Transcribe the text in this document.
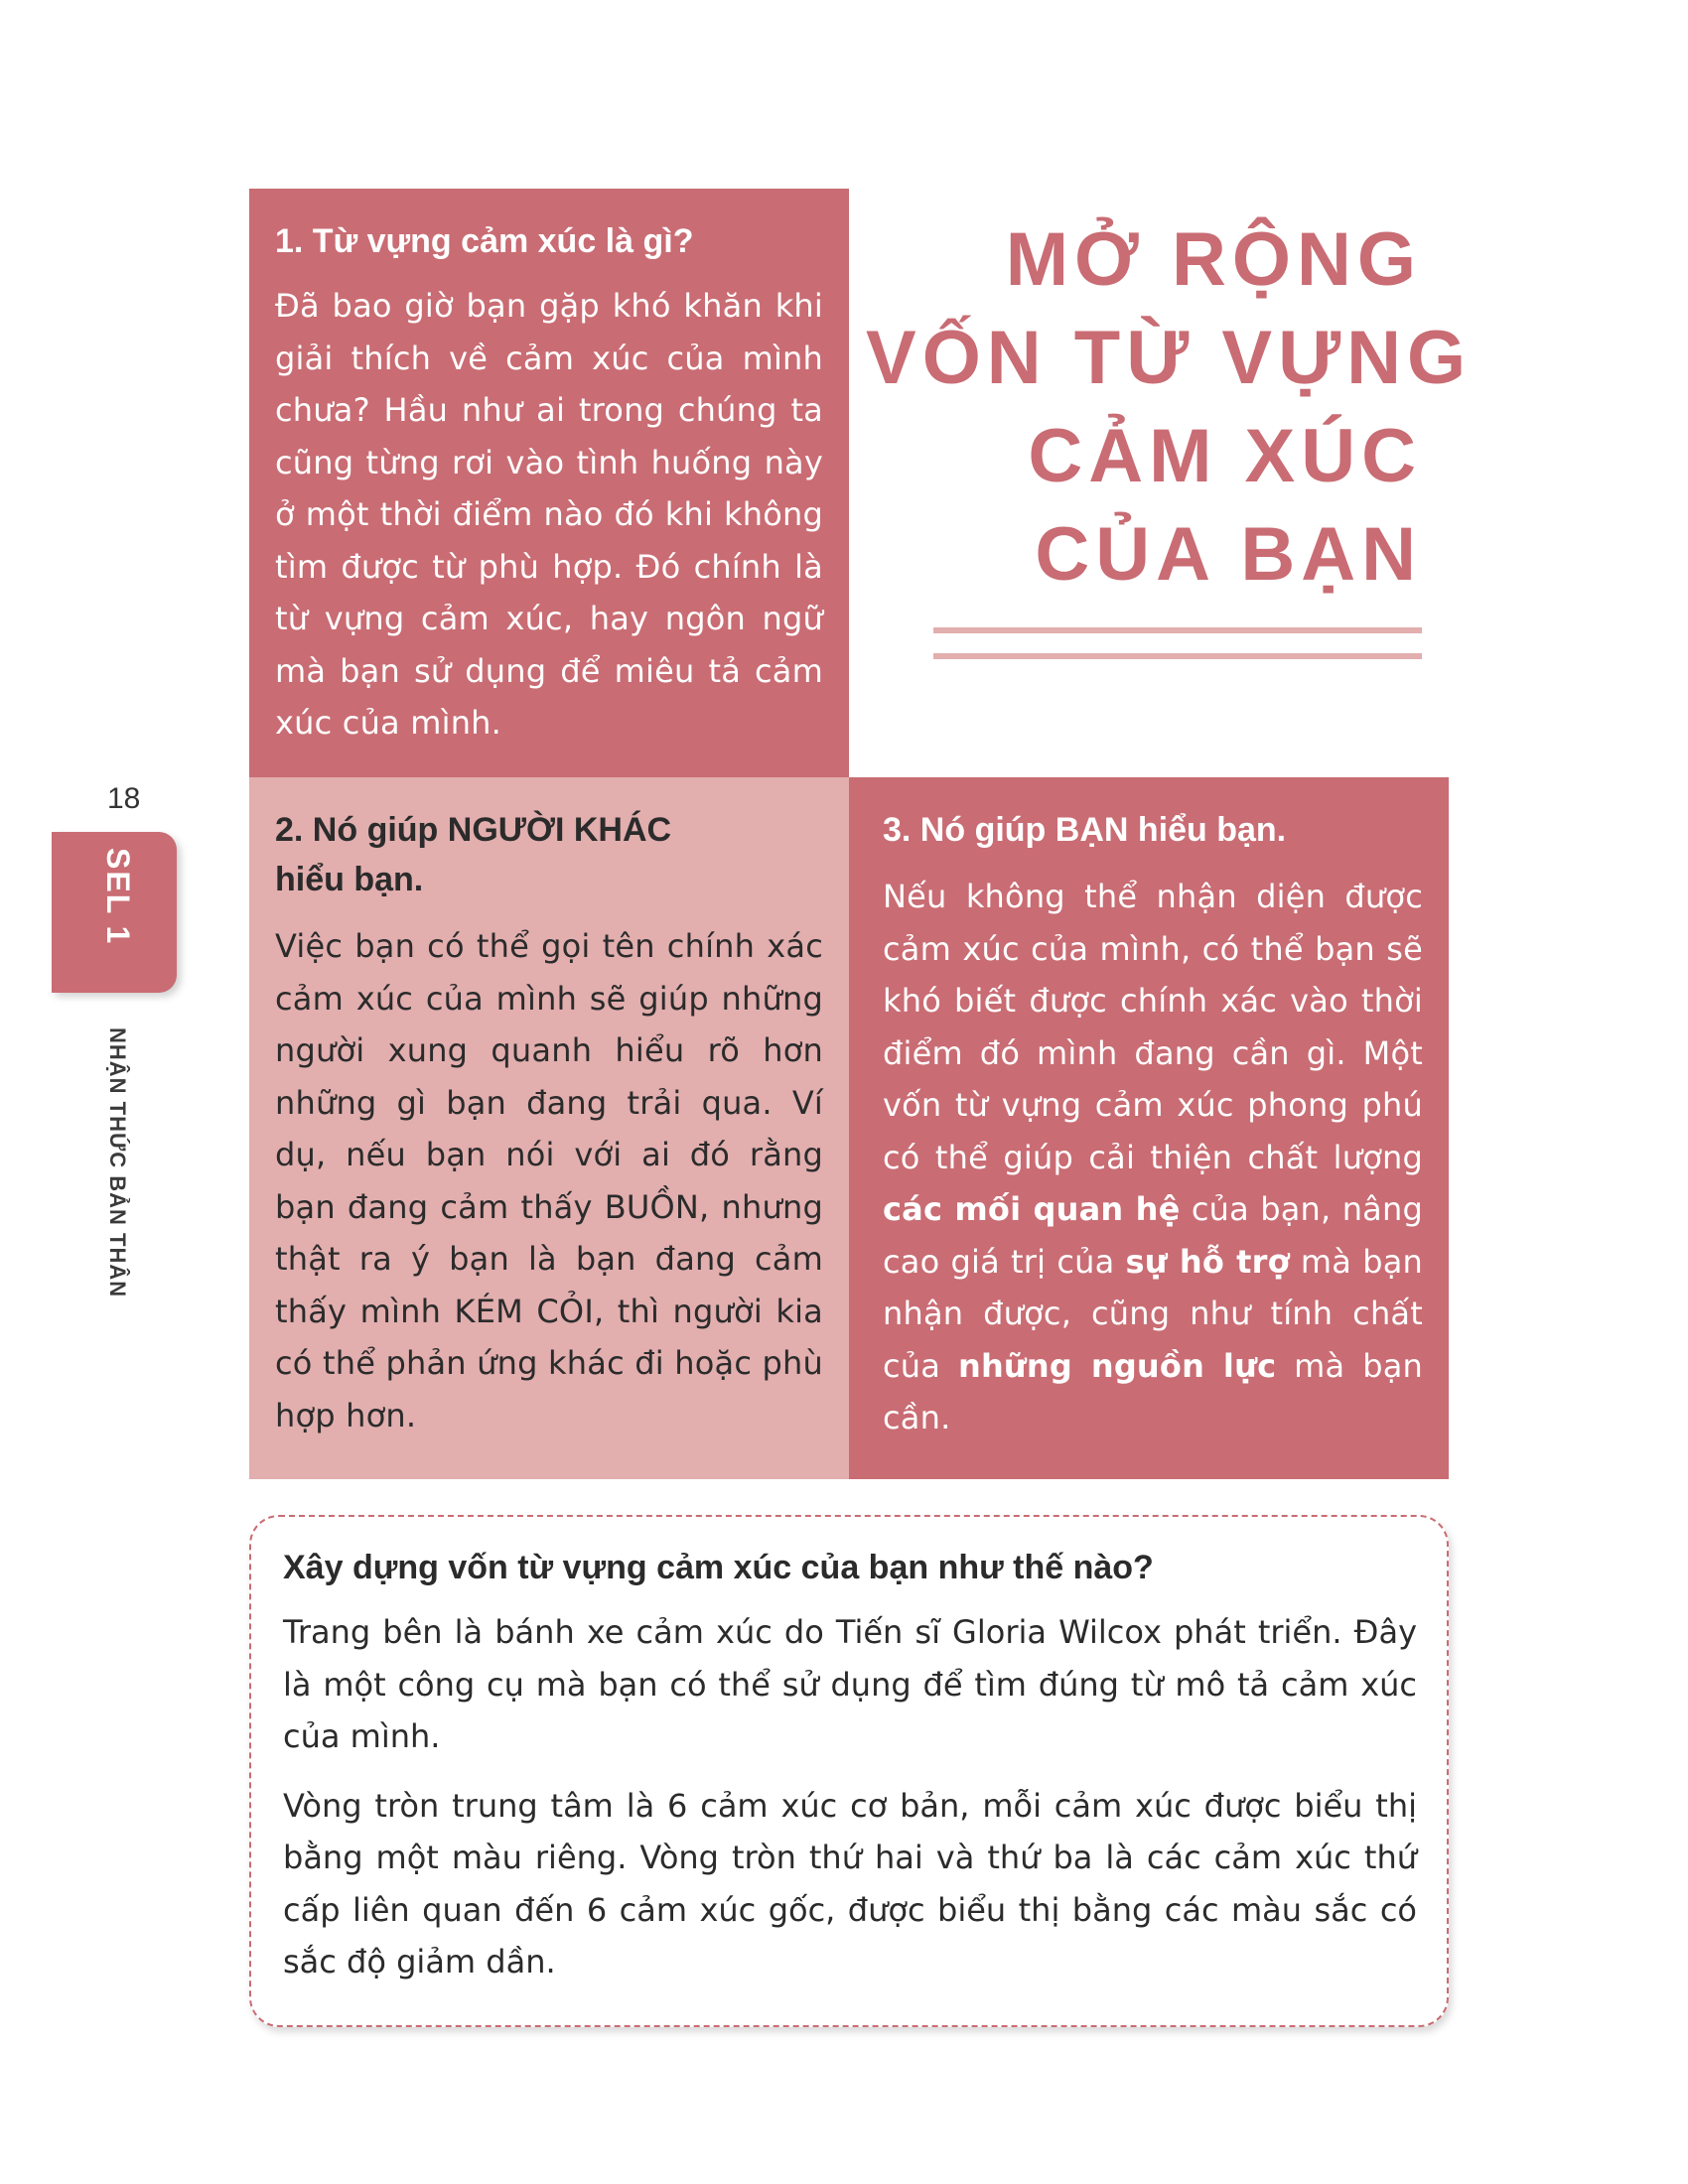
1. Từ vựng cảm xúc là gì?

Đã bao giờ bạn gặp khó khăn khi giải thích về cảm xúc của mình chưa? Hầu như ai trong chúng ta cũng từng rơi vào tình huống này ở một thời điểm nào đó khi không tìm được từ phù hợp. Đó chính là từ vựng cảm xúc, hay ngôn ngữ mà bạn sử dụng để miêu tả cảm xúc của mình.

MỞ RỘNG
VỐN TỪ VỰNG
CẢM XÚC
CỦA BẠN

2. Nó giúp NGƯỜI KHÁC hiểu bạn.

Việc bạn có thể gọi tên chính xác cảm xúc của mình sẽ giúp những người xung quanh hiểu rõ hơn những gì bạn đang trải qua. Ví dụ, nếu bạn nói với ai đó rằng bạn đang cảm thấy BUỒN, nhưng thật ra ý bạn là bạn đang cảm thấy mình KÉM CỎI, thì người kia có thể phản ứng khác đi hoặc phù hợp hơn.

3. Nó giúp BẠN hiểu bạn.

Nếu không thể nhận diện được cảm xúc của mình, có thể bạn sẽ khó biết được chính xác vào thời điểm đó mình đang cần gì. Một vốn từ vựng cảm xúc phong phú có thể giúp cải thiện chất lượng các mối quan hệ của bạn, nâng cao giá trị của sự hỗ trợ mà bạn nhận được, cũng như tính chất của những nguồn lực mà bạn cần.

18
SEL 1
NHẬN THỨC BẢN THÂN

Xây dựng vốn từ vựng cảm xúc của bạn như thế nào?

Trang bên là bánh xe cảm xúc do Tiến sĩ Gloria Wilcox phát triển. Đây là một công cụ mà bạn có thể sử dụng để tìm đúng từ mô tả cảm xúc của mình.

Vòng tròn trung tâm là 6 cảm xúc cơ bản, mỗi cảm xúc được biểu thị bằng một màu riêng. Vòng tròn thứ hai và thứ ba là các cảm xúc thứ cấp liên quan đến 6 cảm xúc gốc, được biểu thị bằng các màu sắc có sắc độ giảm dần.
